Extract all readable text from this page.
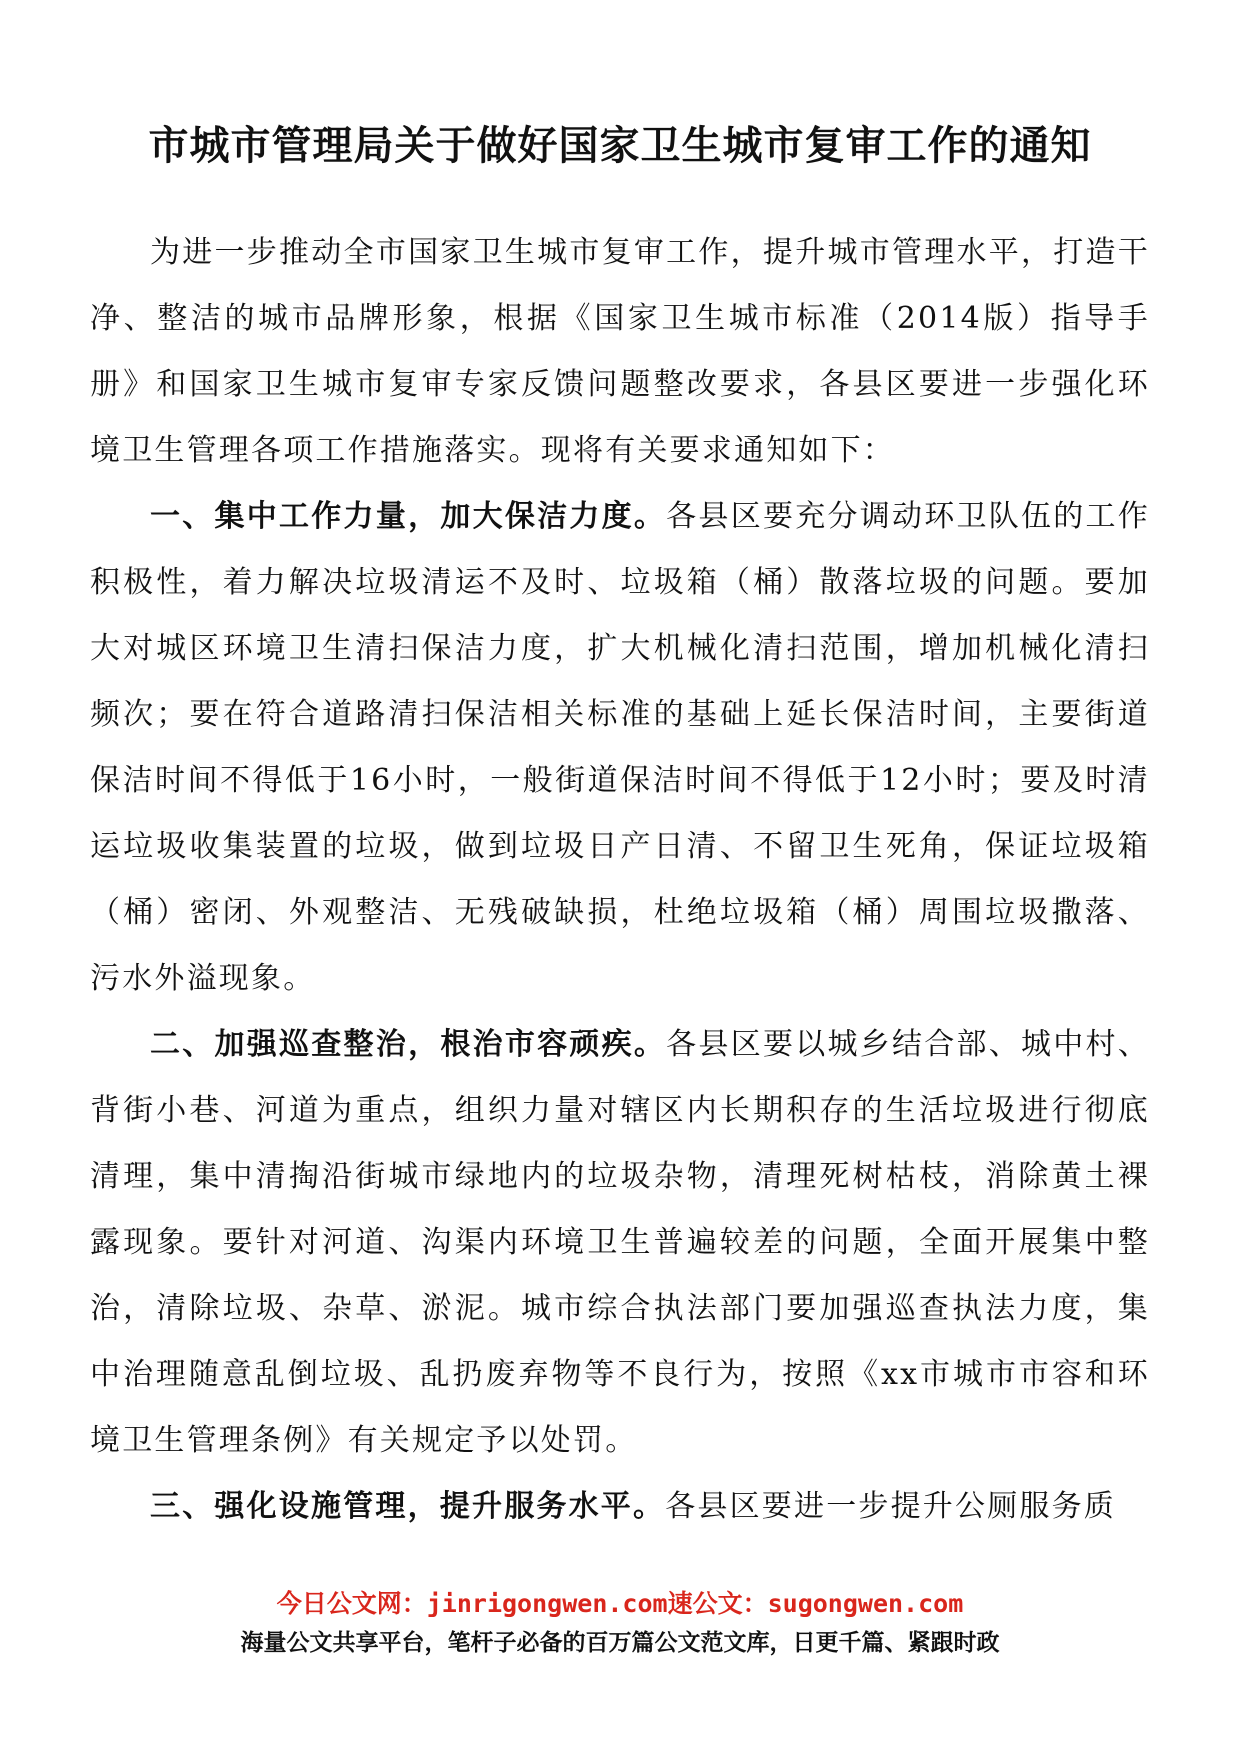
市城市管理局关于做好国家卫生城市复审工作的通知

为进一步推动全市国家卫生城市复审工作，提升城市管理水平，打造干净、整洁的城市品牌形象，根据《国家卫生城市标准（2014版）指导手册》和国家卫生城市复审专家反馈问题整改要求，各县区要进一步强化环境卫生管理各项工作措施落实。现将有关要求通知如下：

一、集中工作力量，加大保洁力度。各县区要充分调动环卫队伍的工作积极性，着力解决垃圾清运不及时、垃圾箱（桶）散落垃圾的问题。要加大对城区环境卫生清扫保洁力度，扩大机械化清扫范围，增加机械化清扫频次；要在符合道路清扫保洁相关标准的基础上延长保洁时间，主要街道保洁时间不得低于16小时，一般街道保洁时间不得低于12小时；要及时清运垃圾收集装置的垃圾，做到垃圾日产日清、不留卫生死角，保证垃圾箱（桶）密闭、外观整洁、无残破缺损，杜绝垃圾箱（桶）周围垃圾撒落、污水外溢现象。

二、加强巡查整治，根治市容顽疾。各县区要以城乡结合部、城中村、背街小巷、河道为重点，组织力量对辖区内长期积存的生活垃圾进行彻底清理，集中清掏沿街城市绿地内的垃圾杂物，清理死树枯枝，消除黄土裸露现象。要针对河道、沟渠内环境卫生普遍较差的问题，全面开展集中整治，清除垃圾、杂草、淤泥。城市综合执法部门要加强巡查执法力度，集中治理随意乱倒垃圾、乱扔废弃物等不良行为，按照《xx市城市市容和环境卫生管理条例》有关规定予以处罚。

三、强化设施管理，提升服务水平。各县区要进一步提升公厕服务质

今日公文网：jinrigongwen.com速公文：sugongwen.com

海量公文共享平台，笔杆子必备的百万篇公文范文库，日更千篇、紧跟时政
